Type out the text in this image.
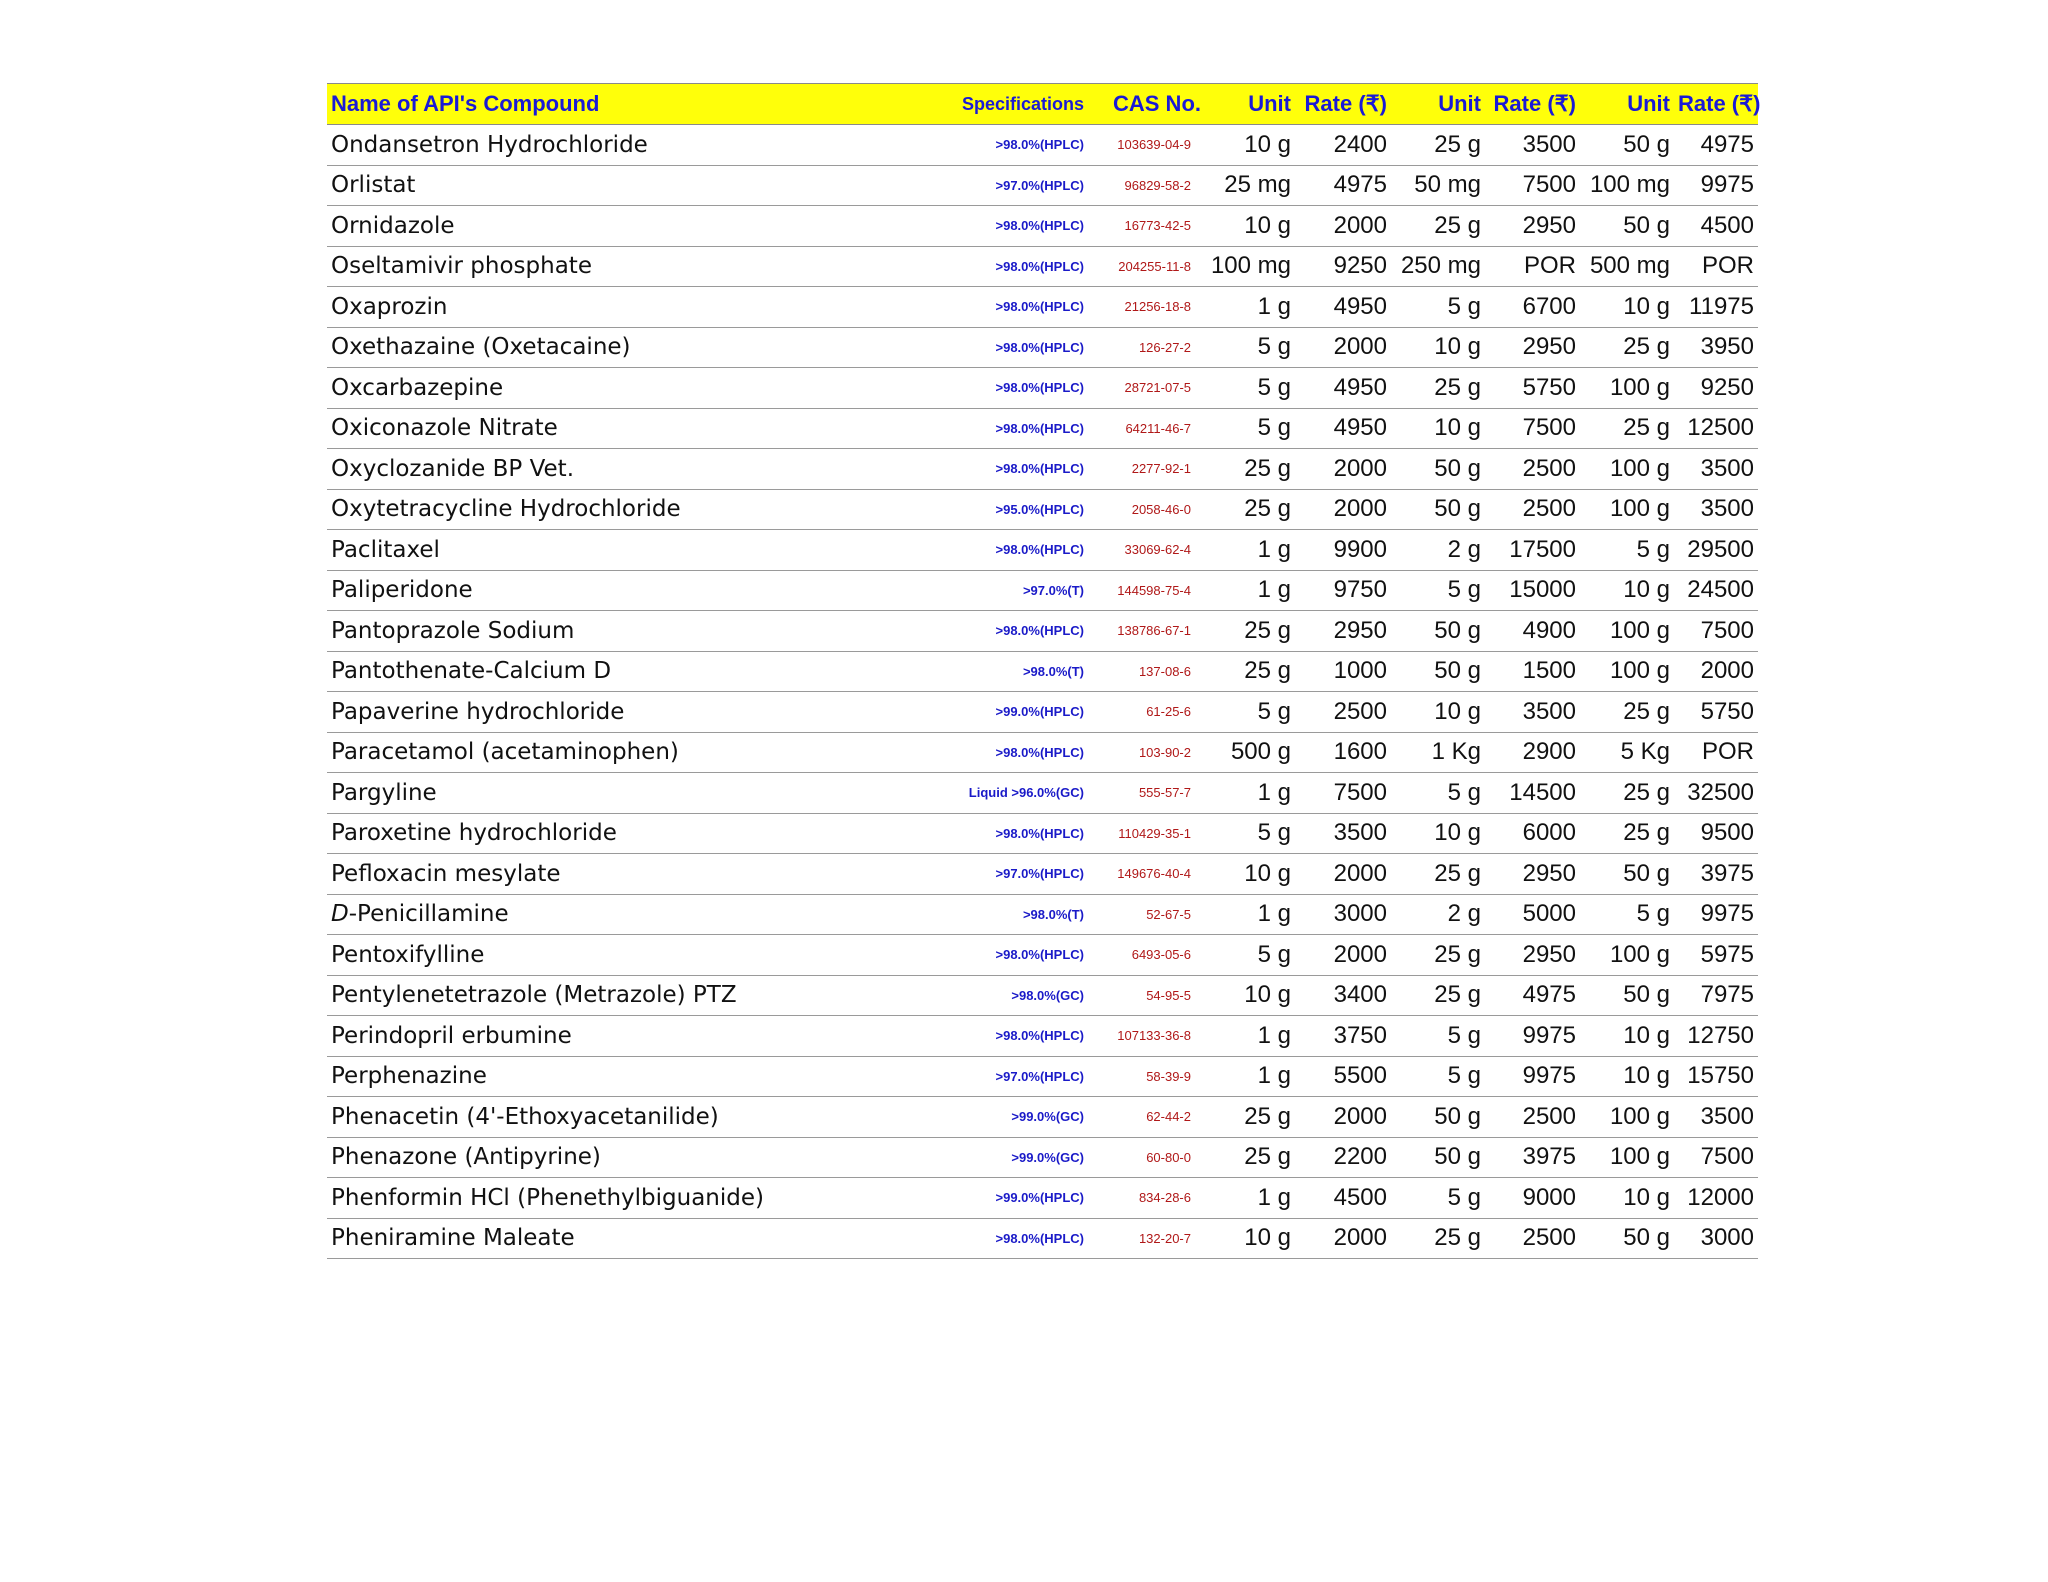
Name of API's Compound	Specifications	CAS No.	Unit	Rate (₹)	Unit	Rate (₹)	Unit	Rate (₹)
Ondansetron Hydrochloride	>98.0%(HPLC)	103639-04-9	10 g	2400	25 g	3500	50 g	4975
Orlistat	>97.0%(HPLC)	96829-58-2	25 mg	4975	50 mg	7500	100 mg	9975
Ornidazole	>98.0%(HPLC)	16773-42-5	10 g	2000	25 g	2950	50 g	4500
Oseltamivir phosphate	>98.0%(HPLC)	204255-11-8	100 mg	9250	250 mg	POR	500 mg	POR
Oxaprozin	>98.0%(HPLC)	21256-18-8	1 g	4950	5 g	6700	10 g	11975
Oxethazaine (Oxetacaine)	>98.0%(HPLC)	126-27-2	5 g	2000	10 g	2950	25 g	3950
Oxcarbazepine	>98.0%(HPLC)	28721-07-5	5 g	4950	25 g	5750	100 g	9250
Oxiconazole Nitrate	>98.0%(HPLC)	64211-46-7	5 g	4950	10 g	7500	25 g	12500
Oxyclozanide BP Vet.	>98.0%(HPLC)	2277-92-1	25 g	2000	50 g	2500	100 g	3500
Oxytetracycline Hydrochloride	>95.0%(HPLC)	2058-46-0	25 g	2000	50 g	2500	100 g	3500
Paclitaxel	>98.0%(HPLC)	33069-62-4	1 g	9900	2 g	17500	5 g	29500
Paliperidone	>97.0%(T)	144598-75-4	1 g	9750	5 g	15000	10 g	24500
Pantoprazole Sodium	>98.0%(HPLC)	138786-67-1	25 g	2950	50 g	4900	100 g	7500
Pantothenate-Calcium D	>98.0%(T)	137-08-6	25 g	1000	50 g	1500	100 g	2000
Papaverine hydrochloride	>99.0%(HPLC)	61-25-6	5 g	2500	10 g	3500	25 g	5750
Paracetamol (acetaminophen)	>98.0%(HPLC)	103-90-2	500 g	1600	1 Kg	2900	5 Kg	POR
Pargyline	Liquid >96.0%(GC)	555-57-7	1 g	7500	5 g	14500	25 g	32500
Paroxetine hydrochloride	>98.0%(HPLC)	110429-35-1	5 g	3500	10 g	6000	25 g	9500
Pefloxacin mesylate	>97.0%(HPLC)	149676-40-4	10 g	2000	25 g	2950	50 g	3975
D-Penicillamine	>98.0%(T)	52-67-5	1 g	3000	2 g	5000	5 g	9975
Pentoxifylline	>98.0%(HPLC)	6493-05-6	5 g	2000	25 g	2950	100 g	5975
Pentylenetetrazole (Metrazole) PTZ	>98.0%(GC)	54-95-5	10 g	3400	25 g	4975	50 g	7975
Perindopril erbumine	>98.0%(HPLC)	107133-36-8	1 g	3750	5 g	9975	10 g	12750
Perphenazine	>97.0%(HPLC)	58-39-9	1 g	5500	5 g	9975	10 g	15750
Phenacetin (4'-Ethoxyacetanilide)	>99.0%(GC)	62-44-2	25 g	2000	50 g	2500	100 g	3500
Phenazone (Antipyrine)	>99.0%(GC)	60-80-0	25 g	2200	50 g	3975	100 g	7500
Phenformin HCl (Phenethylbiguanide)	>99.0%(HPLC)	834-28-6	1 g	4500	5 g	9000	10 g	12000
Pheniramine Maleate	>98.0%(HPLC)	132-20-7	10 g	2000	25 g	2500	50 g	3000
